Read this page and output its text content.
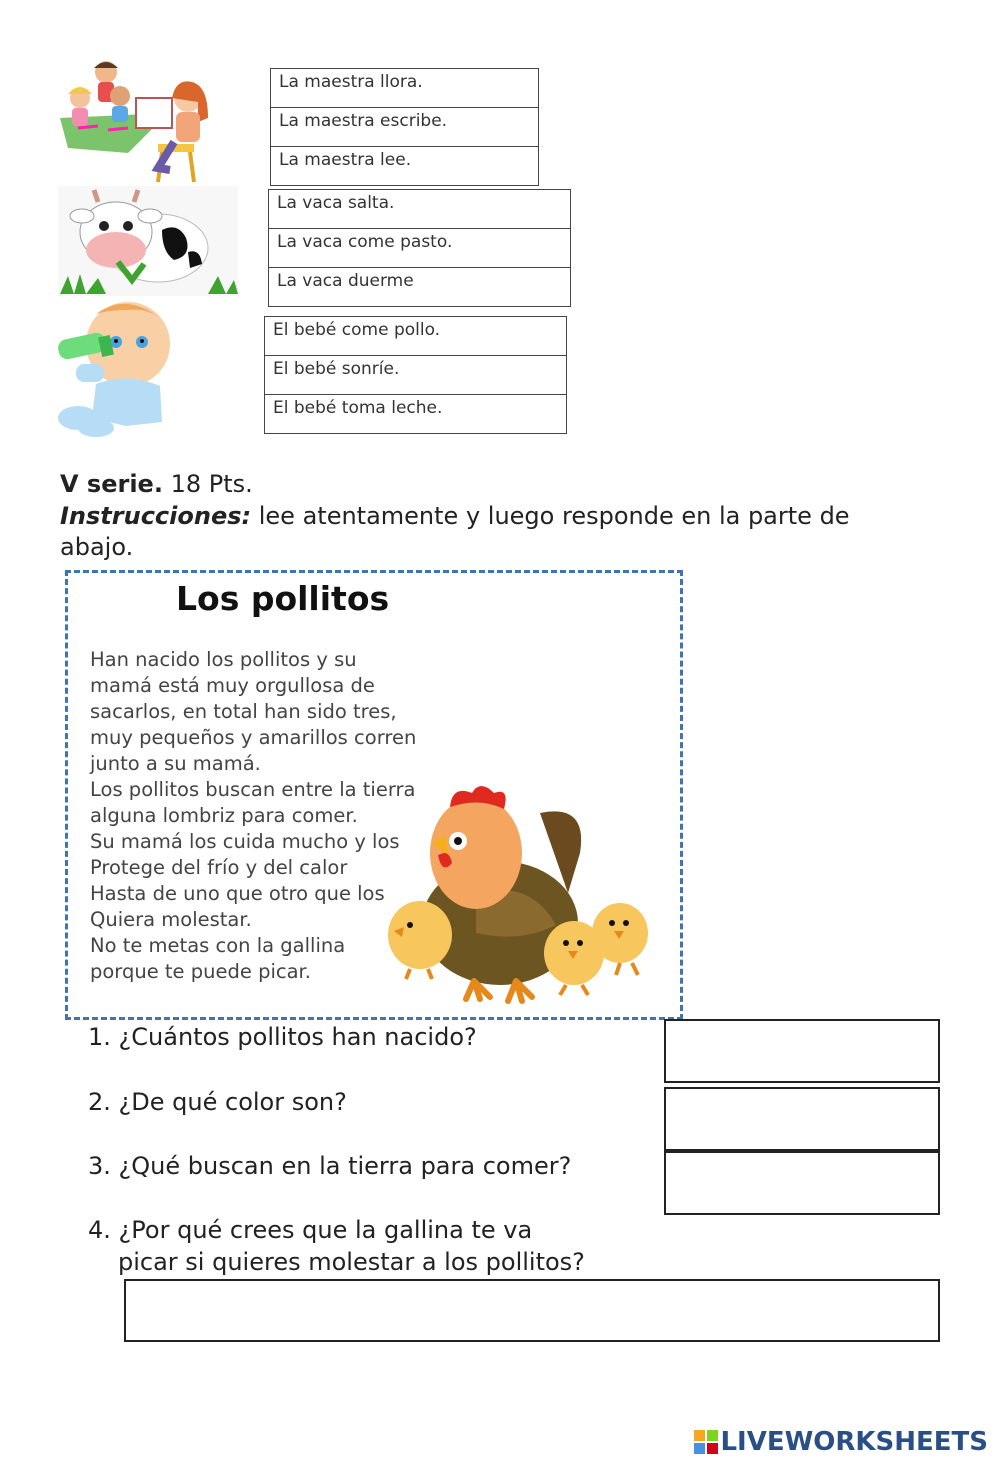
La maestra llora.
La maestra escribe.
La maestra lee.
La vaca salta.
La vaca come pasto.
La vaca duerme
El bebé come pollo.
El bebé sonríe.
El bebé toma leche.
V serie. 18 Pts.
Instrucciones: lee atentamente y luego responde en la parte de
abajo.
Los pollitos
Han nacido los pollitos y su
mamá está muy orgullosa de
sacarlos, en total han sido tres,
muy pequeños y amarillos corren
junto a su mamá.
Los pollitos buscan entre la tierra
alguna lombriz para comer.
Su mamá los cuida mucho y los
Protege del frío y del calor
Hasta de uno que otro que los
Quiera molestar.
No te metas con la gallina
porque te puede picar.
1. ¿Cuántos pollitos han nacido?
2. ¿De qué color son?
3. ¿Qué buscan en la tierra para comer?
4. ¿Por qué crees que la gallina te va
picar si quieres molestar a los pollitos?
LIVEWORKSHEETS
